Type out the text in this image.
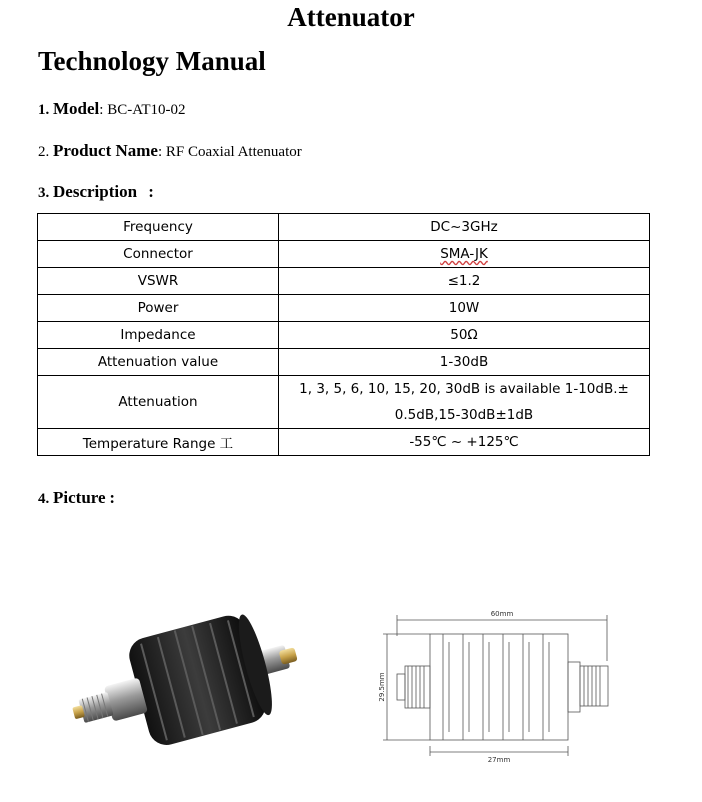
Attenuator
Technology Manual
1. Model: BC-AT10-02
2. Product Name: RF Coaxial Attenuator
3. Description :
Frequency	DC~3GHz
Connector	SMA-JK
VSWR	≤1.2
Power	10W
Impedance	50Ω
Attenuation value	1-30dB
Attenuation	1, 3, 5, 6, 10, 15, 20, 30dB is available 1-10dB.±
0.5dB,15-30dB±1dB
Temperature Range 工	-55℃ ~ +125℃
4. Picture :
60mm
29.5mm
27mm
